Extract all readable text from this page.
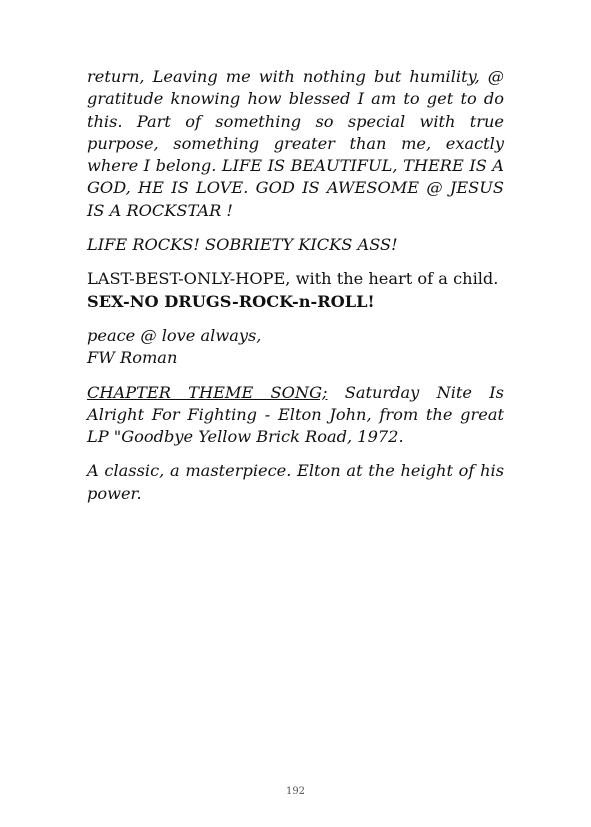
return, Leaving me with nothing but humility, @ gratitude knowing how blessed I am to get to do this. Part of something so special with true purpose, something greater than me, exactly where I belong. LIFE IS BEAUTIFUL, THERE IS A GOD, HE IS LOVE. GOD IS AWESOME @ JESUS IS A ROCKSTAR !

LIFE ROCKS! SOBRIETY KICKS ASS!

LAST-BEST-ONLY-HOPE, with the heart of a child.
SEX-NO DRUGS-ROCK-n-ROLL!

peace @ love always,
FW Roman

CHAPTER THEME SONG; Saturday Nite Is Alright For Fighting - Elton John, from the great LP "Goodbye Yellow Brick Road, 1972.

A classic, a masterpiece. Elton at the height of his power.

192
